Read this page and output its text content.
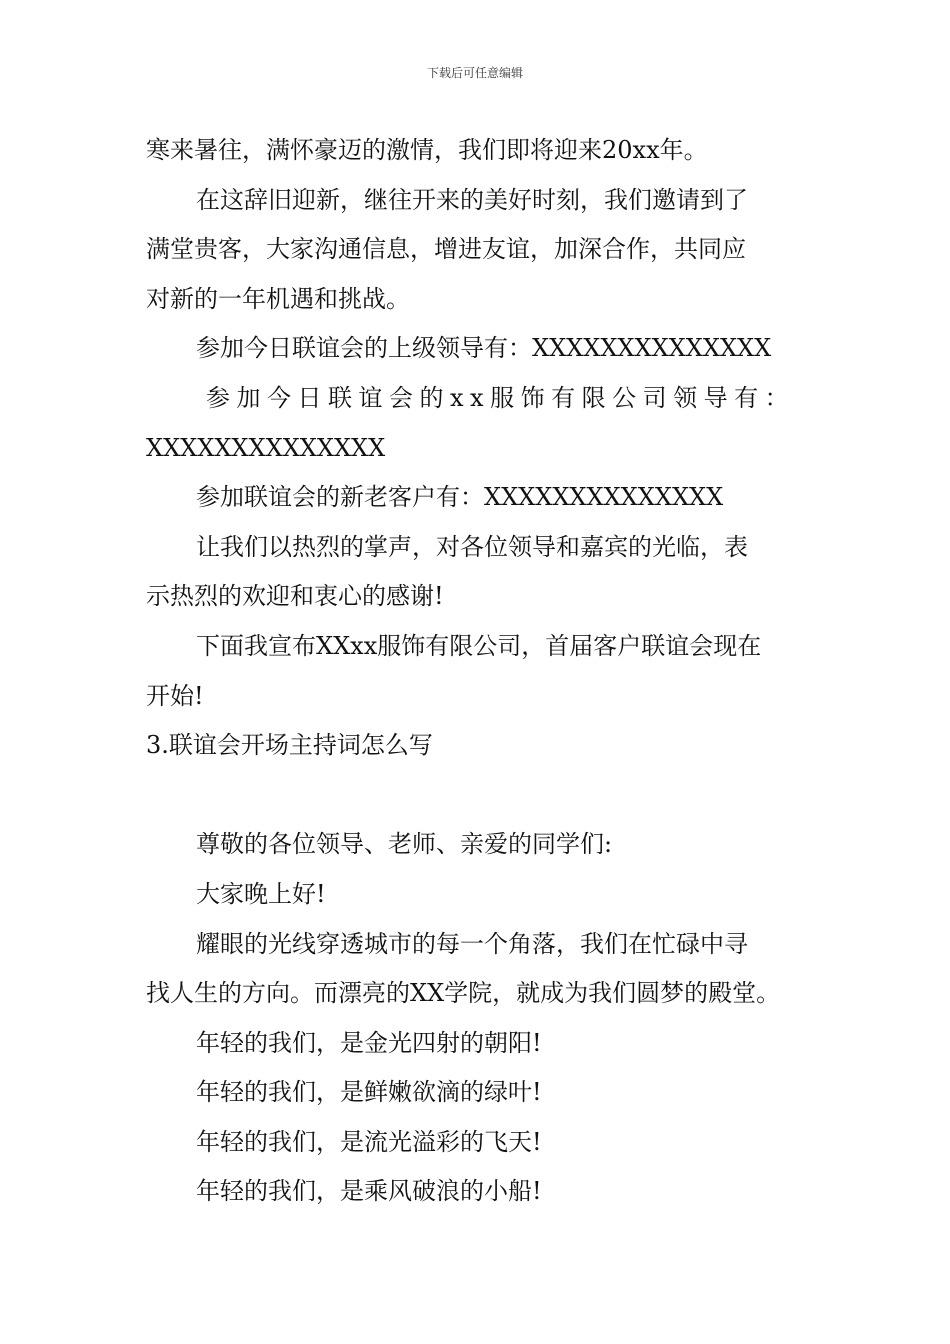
下载后可任意编辑

寒来暑往，满怀豪迈的激情，我们即将迎来20xx年。

在这辞旧迎新，继往开来的美好时刻，我们邀请到了

满堂贵客，大家沟通信息，增进友谊，加深合作，共同应

对新的一年机遇和挑战。

参加今日联谊会的上级领导有：XXXXXXXXXXXXXX

参加今日联谊会的xx服饰有限公司领导有：

XXXXXXXXXXXXXX

参加联谊会的新老客户有：XXXXXXXXXXXXXX

让我们以热烈的掌声，对各位领导和嘉宾的光临，表

示热烈的欢迎和衷心的感谢!

下面我宣布XXxx服饰有限公司，首届客户联谊会现在

开始!

3.联谊会开场主持词怎么写

尊敬的各位领导、老师、亲爱的同学们:

大家晚上好!

耀眼的光线穿透城市的每一个角落，我们在忙碌中寻

找人生的方向。而漂亮的XX学院，就成为我们圆梦的殿堂。

年轻的我们，是金光四射的朝阳!

年轻的我们，是鲜嫩欲滴的绿叶!

年轻的我们，是流光溢彩的飞天!

年轻的我们，是乘风破浪的小船!
